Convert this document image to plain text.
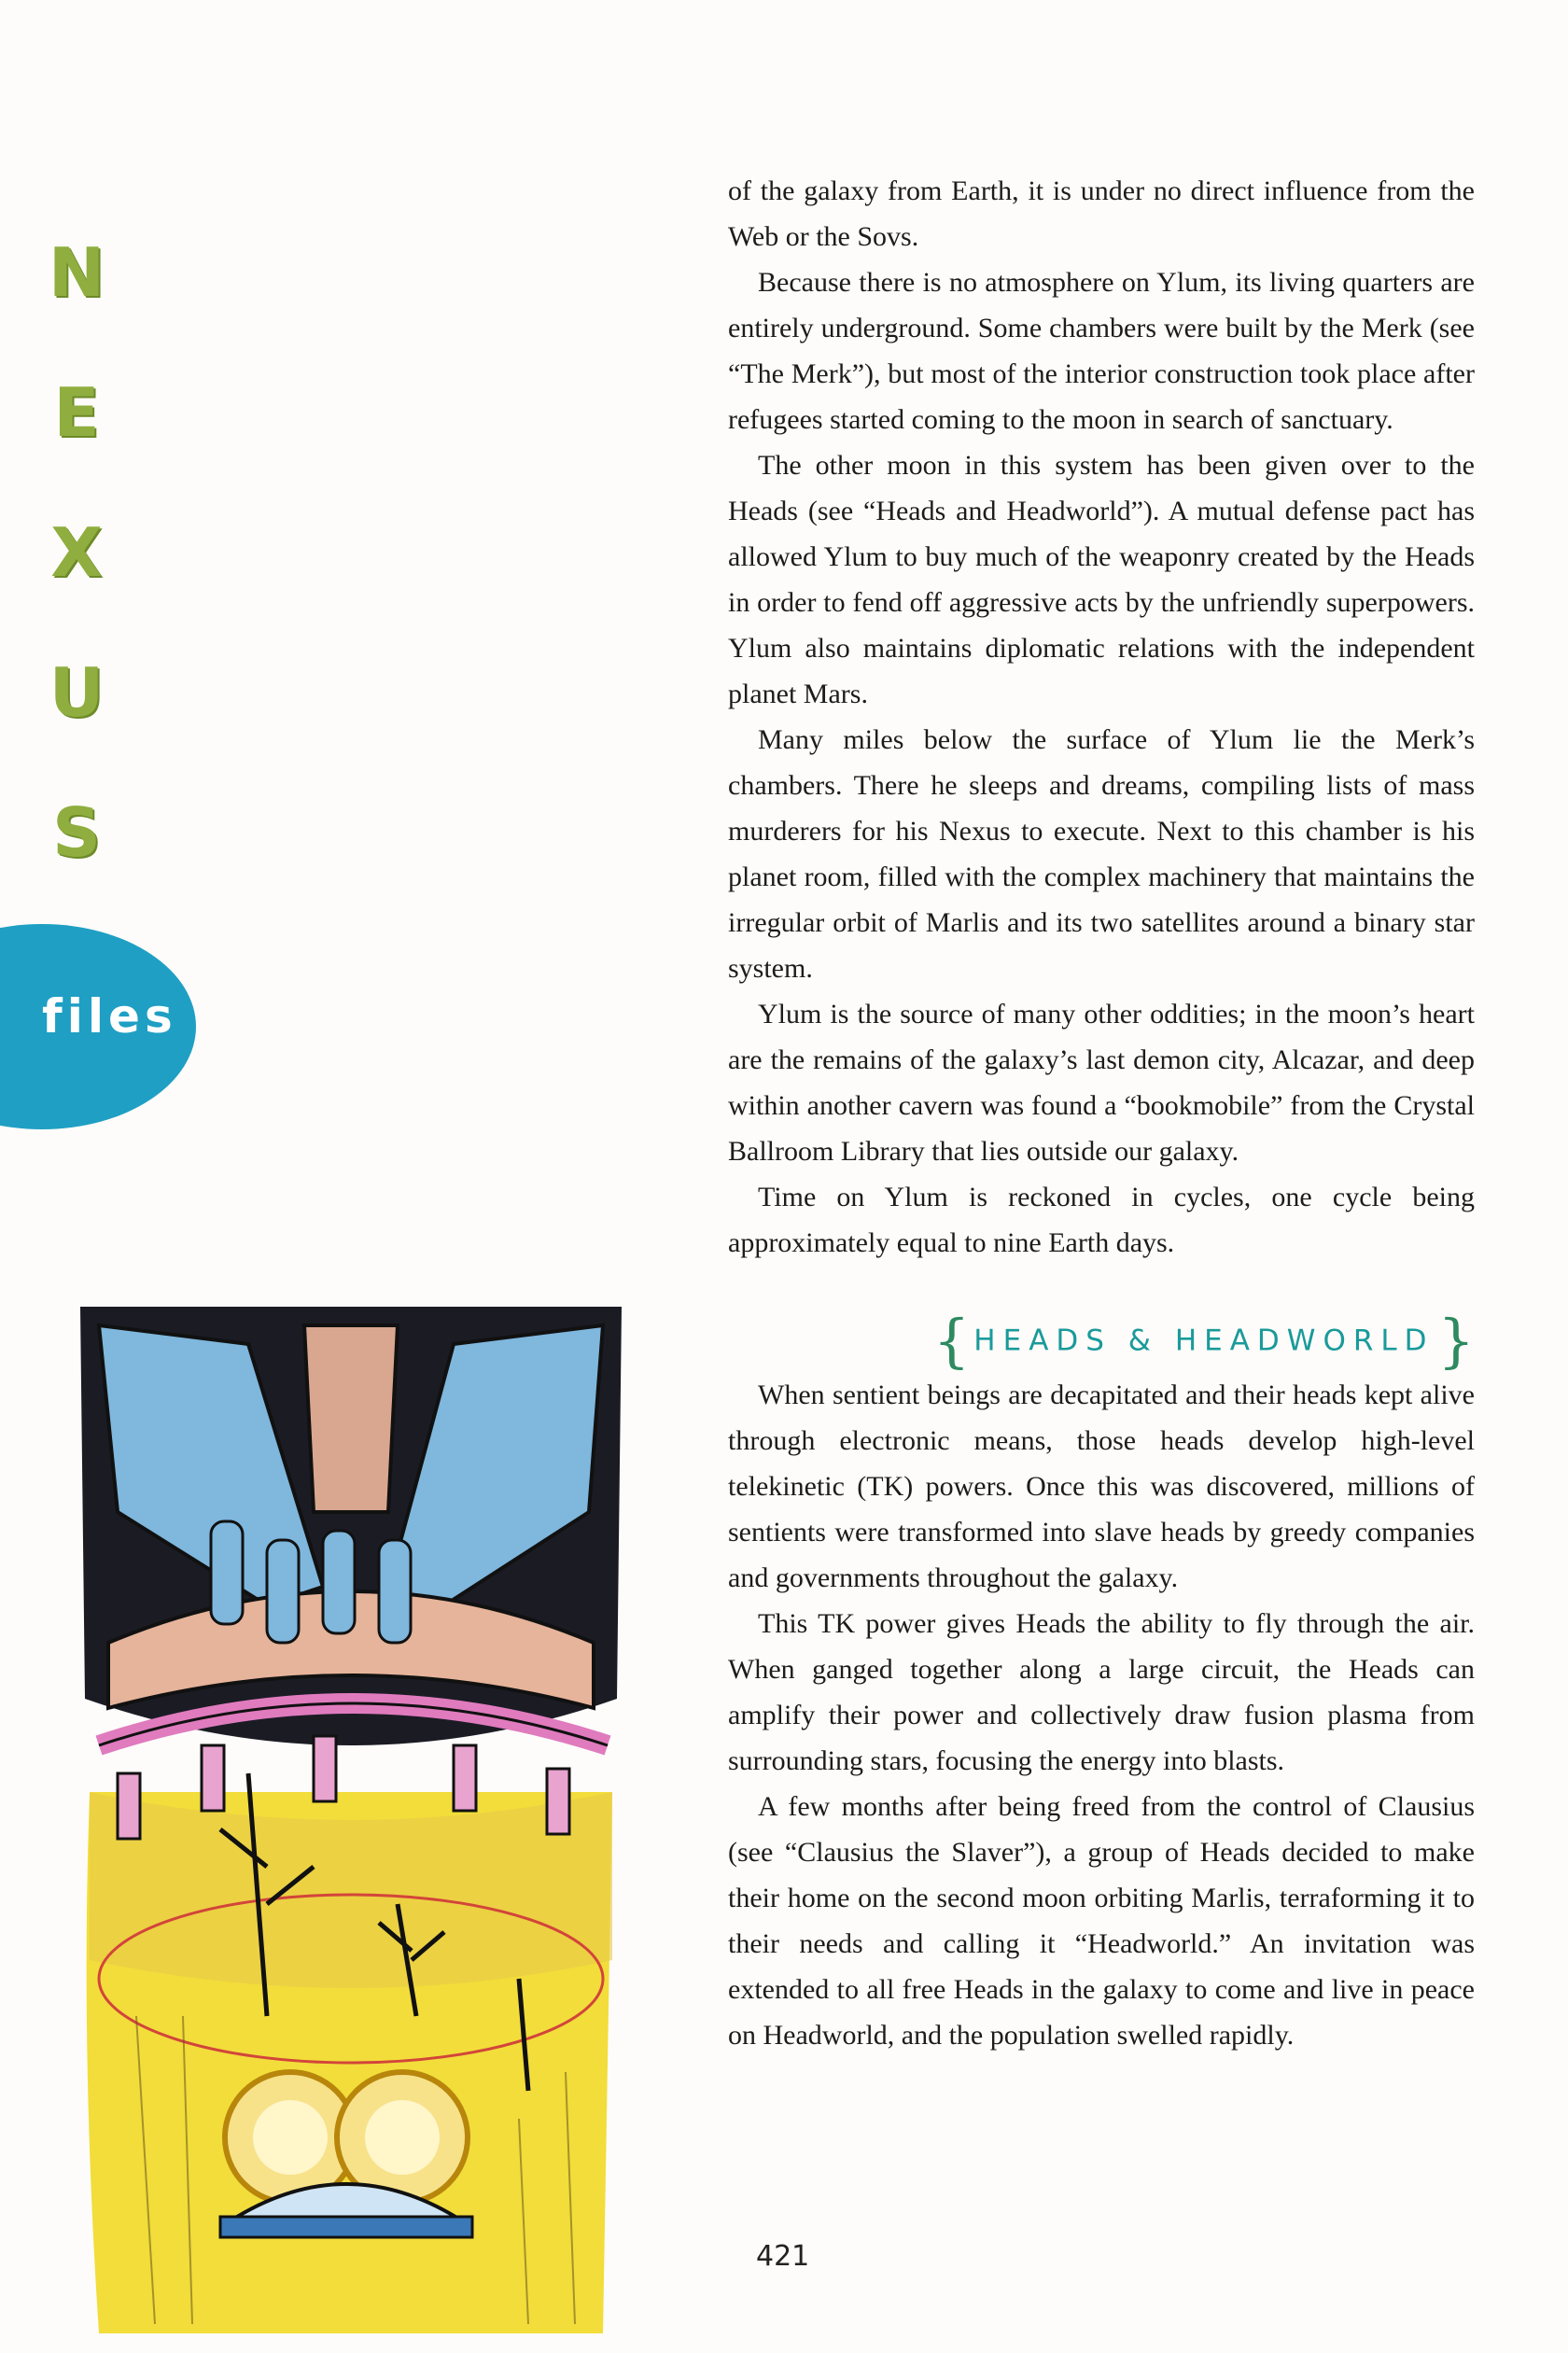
N
E
X
U
S
files

of the galaxy from Earth, it is under no direct influence from the Web or the Sovs.

Because there is no atmosphere on Ylum, its living quarters are entirely underground. Some chambers were built by the Merk (see “The Merk”), but most of the interior construction took place after refugees started coming to the moon in search of sanctuary.

The other moon in this system has been given over to the Heads (see “Heads and Headworld”). A mutual defense pact has allowed Ylum to buy much of the weaponry created by the Heads in order to fend off aggressive acts by the unfriendly superpowers. Ylum also maintains diplomatic relations with the independent planet Mars.

Many miles below the surface of Ylum lie the Merk’s chambers. There he sleeps and dreams, compiling lists of mass murderers for his Nexus to execute. Next to this chamber is his planet room, filled with the complex machinery that maintains the irregular orbit of Marlis and its two satellites around a binary star system.

Ylum is the source of many other oddities; in the moon’s heart are the remains of the galaxy’s last demon city, Alcazar, and deep within another cavern was found a “bookmobile” from the Crystal Ballroom Library that lies outside our galaxy.

Time on Ylum is reckoned in cycles, one cycle being approximately equal to nine Earth days.

{ HEADS & HEADWORLD }

When sentient beings are decapitated and their heads kept alive through electronic means, those heads develop high-level telekinetic (TK) powers. Once this was discovered, millions of sentients were transformed into slave heads by greedy companies and governments throughout the galaxy.

This TK power gives Heads the ability to fly through the air. When ganged together along a large circuit, the Heads can amplify their power and collectively draw fusion plasma from surrounding stars, focusing the energy into blasts.

A few months after being freed from the control of Clausius (see “Clausius the Slaver”), a group of Heads decided to make their home on the second moon orbiting Marlis, terraforming it to their needs and calling it “Headworld.” An invitation was extended to all free Heads in the galaxy to come and live in peace on Headworld, and the population swelled rapidly.

421
